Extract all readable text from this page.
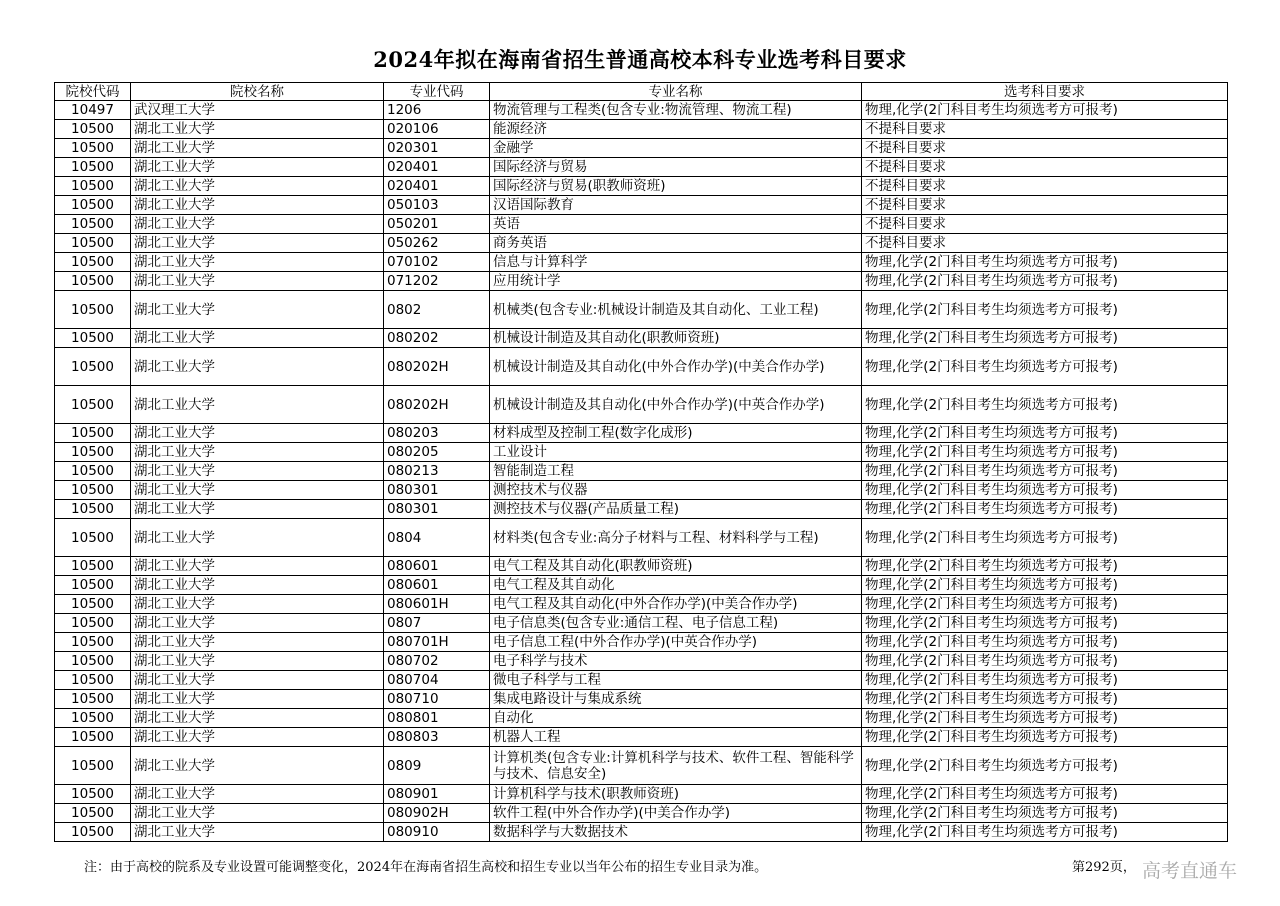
2024年拟在海南省招生普通高校本科专业选考科目要求
院校代码	院校名称	专业代码	专业名称	选考科目要求
10497	武汉理工大学	1206	物流管理与工程类(包含专业:物流管理、物流工程)	物理,化学(2门科目考生均须选考方可报考)
10500	湖北工业大学	020106	能源经济	不提科目要求
10500	湖北工业大学	020301	金融学	不提科目要求
10500	湖北工业大学	020401	国际经济与贸易	不提科目要求
10500	湖北工业大学	020401	国际经济与贸易(职教师资班)	不提科目要求
10500	湖北工业大学	050103	汉语国际教育	不提科目要求
10500	湖北工业大学	050201	英语	不提科目要求
10500	湖北工业大学	050262	商务英语	不提科目要求
10500	湖北工业大学	070102	信息与计算科学	物理,化学(2门科目考生均须选考方可报考)
10500	湖北工业大学	071202	应用统计学	物理,化学(2门科目考生均须选考方可报考)
10500	湖北工业大学	0802	机械类(包含专业:机械设计制造及其自动化、工业工程)	物理,化学(2门科目考生均须选考方可报考)
10500	湖北工业大学	080202	机械设计制造及其自动化(职教师资班)	物理,化学(2门科目考生均须选考方可报考)
10500	湖北工业大学	080202H	机械设计制造及其自动化(中外合作办学)(中美合作办学)	物理,化学(2门科目考生均须选考方可报考)
10500	湖北工业大学	080202H	机械设计制造及其自动化(中外合作办学)(中英合作办学)	物理,化学(2门科目考生均须选考方可报考)
10500	湖北工业大学	080203	材料成型及控制工程(数字化成形)	物理,化学(2门科目考生均须选考方可报考)
10500	湖北工业大学	080205	工业设计	物理,化学(2门科目考生均须选考方可报考)
10500	湖北工业大学	080213	智能制造工程	物理,化学(2门科目考生均须选考方可报考)
10500	湖北工业大学	080301	测控技术与仪器	物理,化学(2门科目考生均须选考方可报考)
10500	湖北工业大学	080301	测控技术与仪器(产品质量工程)	物理,化学(2门科目考生均须选考方可报考)
10500	湖北工业大学	0804	材料类(包含专业:高分子材料与工程、材料科学与工程)	物理,化学(2门科目考生均须选考方可报考)
10500	湖北工业大学	080601	电气工程及其自动化(职教师资班)	物理,化学(2门科目考生均须选考方可报考)
10500	湖北工业大学	080601	电气工程及其自动化	物理,化学(2门科目考生均须选考方可报考)
10500	湖北工业大学	080601H	电气工程及其自动化(中外合作办学)(中美合作办学)	物理,化学(2门科目考生均须选考方可报考)
10500	湖北工业大学	0807	电子信息类(包含专业:通信工程、电子信息工程)	物理,化学(2门科目考生均须选考方可报考)
10500	湖北工业大学	080701H	电子信息工程(中外合作办学)(中英合作办学)	物理,化学(2门科目考生均须选考方可报考)
10500	湖北工业大学	080702	电子科学与技术	物理,化学(2门科目考生均须选考方可报考)
10500	湖北工业大学	080704	微电子科学与工程	物理,化学(2门科目考生均须选考方可报考)
10500	湖北工业大学	080710	集成电路设计与集成系统	物理,化学(2门科目考生均须选考方可报考)
10500	湖北工业大学	080801	自动化	物理,化学(2门科目考生均须选考方可报考)
10500	湖北工业大学	080803	机器人工程	物理,化学(2门科目考生均须选考方可报考)
10500	湖北工业大学	0809	计算机类(包含专业:计算机科学与技术、软件工程、智能科学与技术、信息安全)	物理,化学(2门科目考生均须选考方可报考)
10500	湖北工业大学	080901	计算机科学与技术(职教师资班)	物理,化学(2门科目考生均须选考方可报考)
10500	湖北工业大学	080902H	软件工程(中外合作办学)(中美合作办学)	物理,化学(2门科目考生均须选考方可报考)
10500	湖北工业大学	080910	数据科学与大数据技术	物理,化学(2门科目考生均须选考方可报考)
注：由于高校的院系及专业设置可能调整变化，2024年在海南省招生高校和招生专业以当年公布的招生专业目录为准。	第292页， 高考直通车
